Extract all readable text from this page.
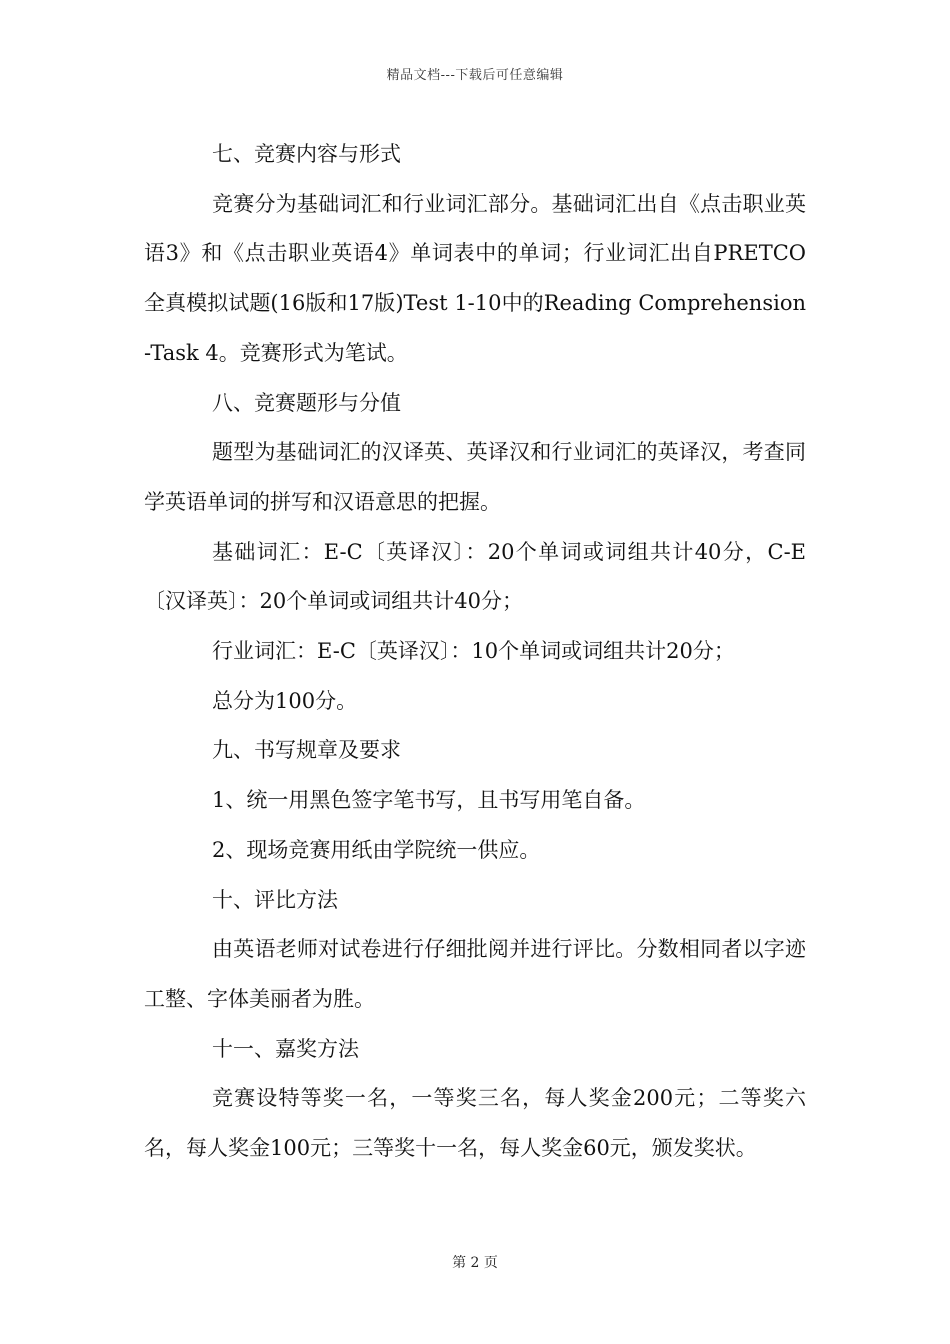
精品文档---下载后可任意编辑

七、竞赛内容与形式

竞赛分为基础词汇和行业词汇部分。基础词汇出自《点击职业英语3》和《点击职业英语4》单词表中的单词；行业词汇出自PRETCO全真模拟试题(16版和17版)Test 1-10中的Reading Comprehension-Task 4。竞赛形式为笔试。

八、竞赛题形与分值

题型为基础词汇的汉译英、英译汉和行业词汇的英译汉，考查同学英语单词的拼写和汉语意思的把握。

基础词汇：E-C〔英译汉〕：20个单词或词组共计40分，C-E〔汉译英〕：20个单词或词组共计40分；

行业词汇：E-C〔英译汉〕：10个单词或词组共计20分；

总分为100分。

九、书写规章及要求

1、统一用黑色签字笔书写，且书写用笔自备。

2、现场竞赛用纸由学院统一供应。

十、评比方法

由英语老师对试卷进行仔细批阅并进行评比。分数相同者以字迹工整、字体美丽者为胜。

十一、嘉奖方法

竞赛设特等奖一名，一等奖三名，每人奖金200元；二等奖六名，每人奖金100元；三等奖十一名，每人奖金60元，颁发奖状。

第 2 页
